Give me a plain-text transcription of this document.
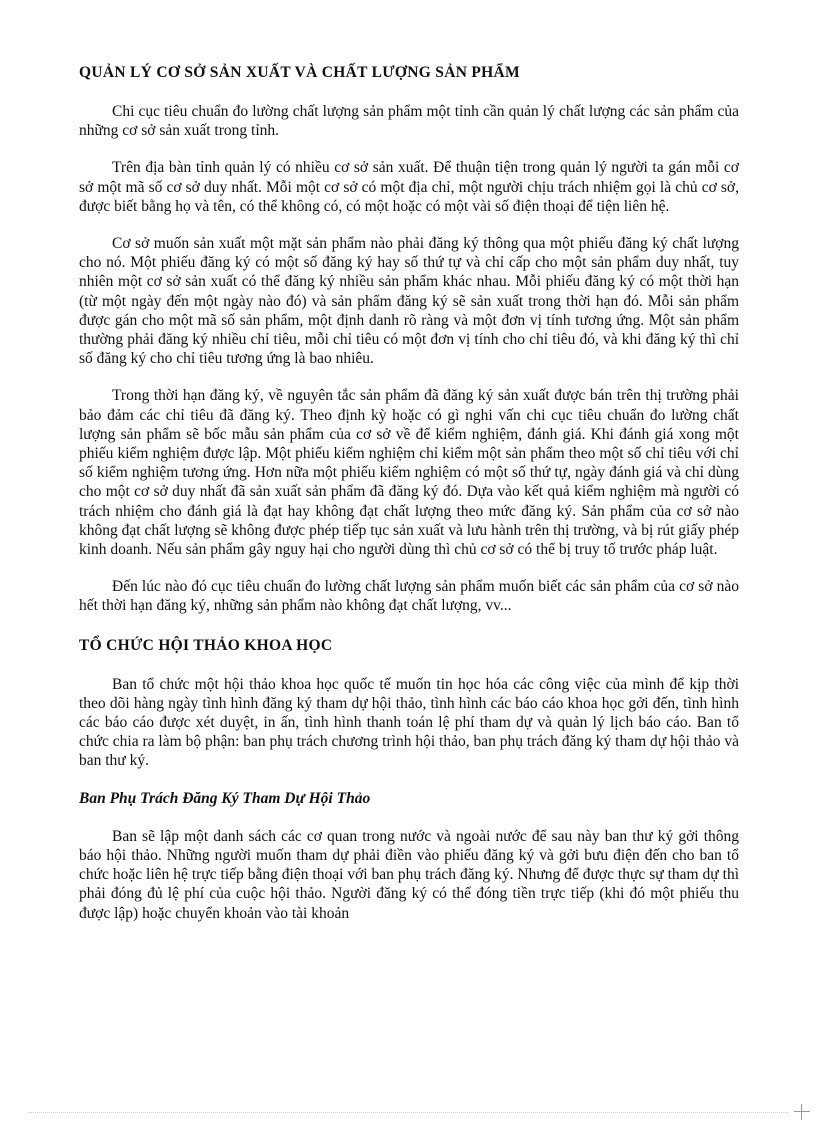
QUẢN LÝ CƠ SỞ SẢN XUẤT VÀ CHẤT LƯỢNG SẢN PHẨM

Chi cục tiêu chuẩn đo lường chất lượng sản phẩm một tỉnh cần quản lý chất lượng các sản phẩm của những cơ sở sản xuất trong tỉnh.

Trên địa bàn tỉnh quản lý có nhiều cơ sở sản xuất. Để thuận tiện trong quản lý người ta gán mỗi cơ sở một mã số cơ sở duy nhất. Mỗi một cơ sở có một địa chỉ, một người chịu trách nhiệm gọi là chủ cơ sở, được biết bằng họ và tên, có thể không có, có một hoặc có một vài số điện thoại để tiện liên hệ.

Cơ sở muốn sản xuất một mặt sản phẩm nào phải đăng ký thông qua một phiếu đăng ký chất lượng cho nó. Một phiếu đăng ký có một số đăng ký hay số thứ tự và chỉ cấp cho một sản phẩm duy nhất, tuy nhiên một cơ sở sản xuất có thể đăng ký nhiều sản phẩm khác nhau. Mỗi phiếu đăng ký có một thời hạn (từ một ngày đến một ngày nào đó) và sản phẩm đăng ký sẽ sản xuất trong thời hạn đó. Mỗi sản phẩm được gán cho một mã số sản phẩm, một định danh rõ ràng và một đơn vị tính tương ứng. Một sản phẩm thường phải đăng ký nhiều chỉ tiêu, mỗi chỉ tiêu có một đơn vị tính cho chỉ tiêu đó, và khi đăng ký thì chỉ số đăng ký cho chỉ tiêu tương ứng là bao nhiêu.

Trong thời hạn đăng ký, về nguyên tắc sản phẩm đã đăng ký sản xuất được bán trên thị trường phải bảo đảm các chỉ tiêu đã đăng ký. Theo định kỳ hoặc có gì nghi vấn chi cục tiêu chuẩn đo lường chất lượng sản phẩm sẽ bốc mẫu sản phẩm của cơ sở về để kiểm nghiệm, đánh giá. Khi đánh giá xong một phiếu kiểm nghiệm được lập. Một phiếu kiểm nghiệm chỉ kiểm một sản phẩm theo một số chỉ tiêu với chỉ số kiểm nghiệm tương ứng. Hơn nữa một phiếu kiểm nghiệm có một số thứ tự, ngày đánh giá và chỉ dùng cho một cơ sở duy nhất đã sản xuất sản phẩm đã đăng ký đó. Dựa vào kết quả kiểm nghiệm mà người có trách nhiệm cho đánh giá là đạt hay không đạt chất lượng theo mức đăng ký. Sản phẩm của cơ sở nào không đạt chất lượng sẽ không được phép tiếp tục sản xuất và lưu hành trên thị trường, và bị rút giấy phép kinh doanh. Nếu sản phẩm gây nguy hại cho người dùng thì chủ cơ sở có thể bị truy tố trước pháp luật.

Đến lúc nào đó cục tiêu chuẩn đo lường chất lượng sản phẩm muốn biết các sản phẩm của cơ sở nào hết thời hạn đăng ký, những sản phẩm nào không đạt chất lượng, vv...

TỔ CHỨC HỘI THẢO KHOA HỌC

Ban tổ chức một hội thảo khoa học quốc tế muốn tin học hóa các công việc của mình để kịp thời theo dõi hàng ngày tình hình đăng ký tham dự hội thảo, tình hình các báo cáo khoa học gởi đến, tình hình các báo cáo được xét duyệt, in ấn, tình hình thanh toán lệ phí tham dự và quản lý lịch báo cáo. Ban tổ chức chia ra làm bộ phận: ban phụ trách chương trình hội thảo, ban phụ trách đăng ký tham dự hội thảo và ban thư ký.

Ban Phụ Trách Đăng Ký Tham Dự Hội Thảo

Ban sẽ lập một danh sách các cơ quan trong nước và ngoài nước để sau này ban thư ký gởi thông báo hội thảo. Những người muốn tham dự phải điền vào phiếu đăng ký và gởi bưu điện đến cho ban tổ chức hoặc liên hệ trực tiếp bằng điện thoại với ban phụ trách đăng ký. Nhưng để được thực sự tham dự thì phải đóng đủ lệ phí của cuộc hội thảo. Người đăng ký có thể đóng tiền trực tiếp (khi đó một phiếu thu được lập) hoặc chuyển khoản vào tài khoản
